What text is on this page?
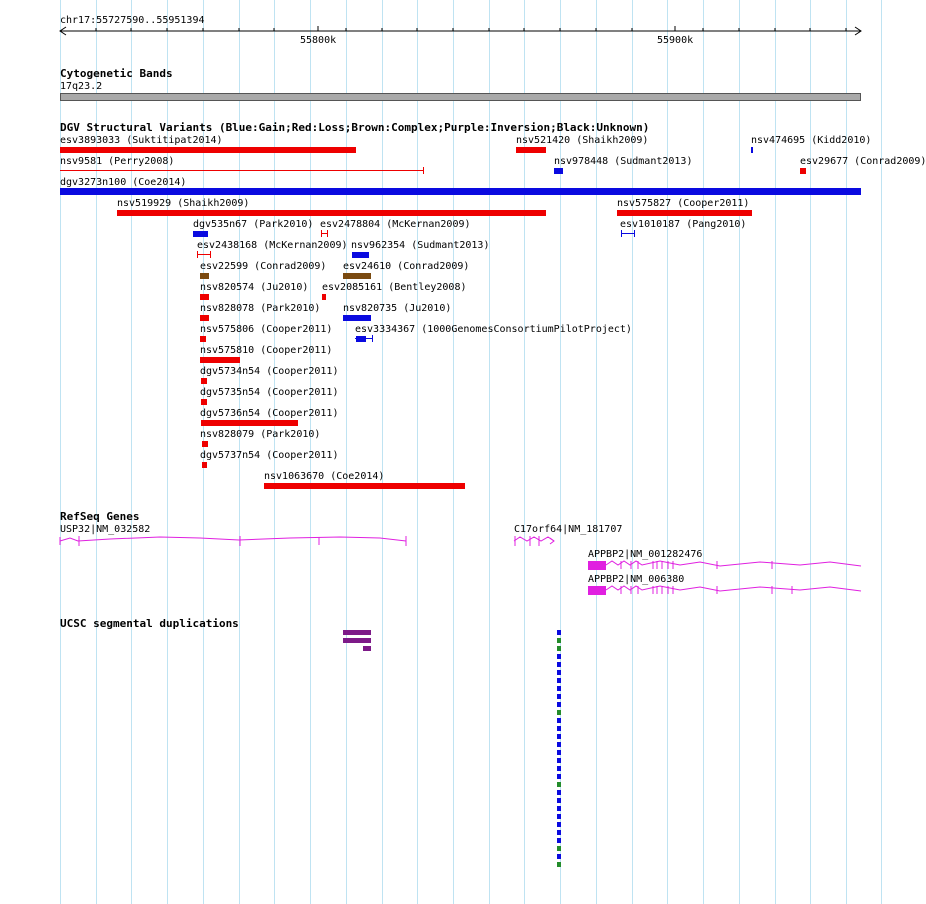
chr17:55727590..55951394
55800k	55900k
Cytogenetic Bands
17q23.2
DGV Structural Variants (Blue:Gain;Red:Loss;Brown:Complex;Purple:Inversion;Black:Unknown)
esv3893033 (Suktitipat2014)	nsv521420 (Shaikh2009)	nsv474695 (Kidd2010)
nsv9581 (Perry2008)	nsv978448 (Sudmant2013)	esv29677 (Conrad2009)
dgv3273n100 (Coe2014)
nsv519929 (Shaikh2009)	nsv575827 (Cooper2011)
dgv535n67 (Park2010) esv2478804 (McKernan2009)	esv1010187 (Pang2010)
esv2438168 (McKernan2009) nsv962354 (Sudmant2013)
esv22599 (Conrad2009) esv24610 (Conrad2009)
nsv820574 (Ju2010) esv2085161 (Bentley2008)
nsv828078 (Park2010) nsv820735 (Ju2010)
nsv575806 (Cooper2011) esv3334367 (1000GenomesConsortiumPilotProject)
nsv575810 (Cooper2011)
dgv5734n54 (Cooper2011)
dgv5735n54 (Cooper2011)
dgv5736n54 (Cooper2011)
nsv828079 (Park2010)
dgv5737n54 (Cooper2011)
nsv1063670 (Coe2014)
RefSeq Genes
USP32|NM_032582	C17orf64|NM_181707
APPBP2|NM_001282476
APPBP2|NM_006380
UCSC segmental duplications
